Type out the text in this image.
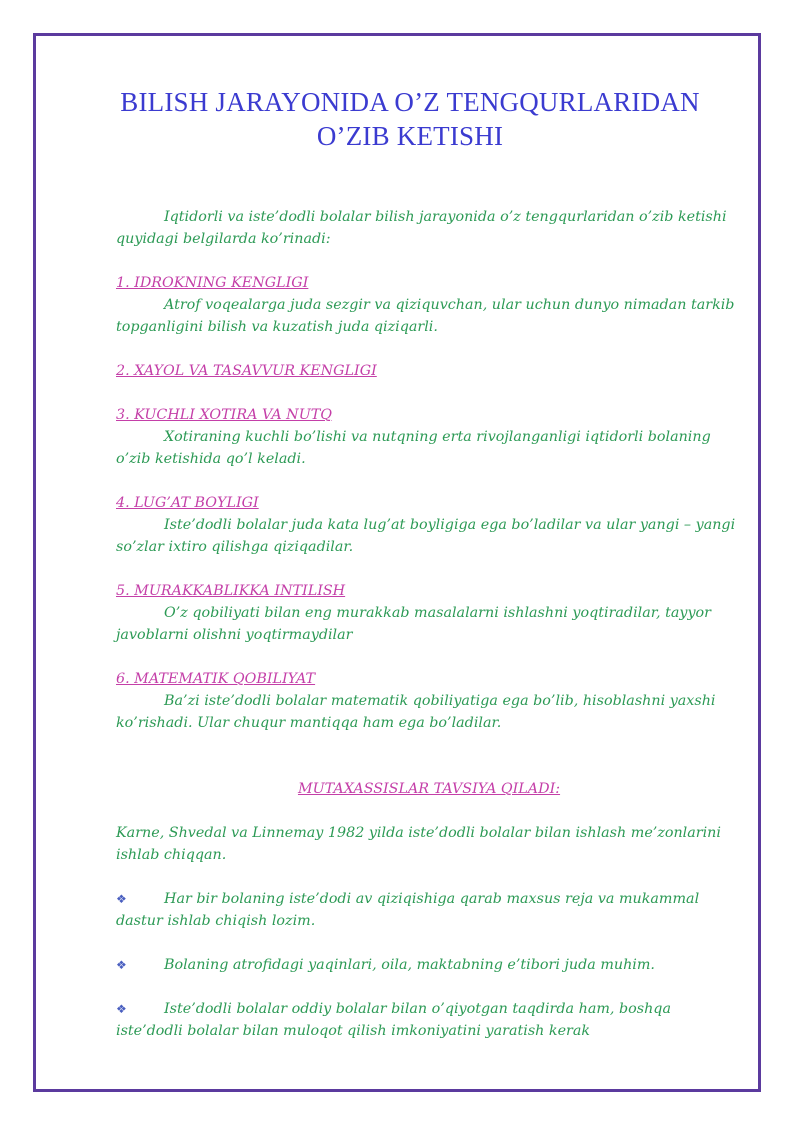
BILISH JARAYONIDA O’Z TENGQURLARIDAN
O’ZIB KETISHI

Iqtidorli va iste’dodli bolalar bilish jarayonida o’z tengqurlaridan o’zib ketishi quyidagi belgilarda ko’rinadi:

1. IDROKNING KENGLIGI

Atrof voqealarga juda sezgir va qiziquvchan, ular uchun dunyo nimadan tarkib topganligini bilish va kuzatish juda qiziqarli.

2. XAYOL VA TASAVVUR KENGLIGI

3. KUCHLI XOTIRA VA NUTQ

Xotiraning kuchli bo’lishi va nutqning erta rivojlanganligi iqtidorli bolaning o’zib ketishida qo’l keladi.

4. LUG’AT BOYLIGI

Iste’dodli bolalar juda kata lug’at boyligiga ega bo’ladilar va ular yangi – yangi so’zlar ixtiro qilishga qiziqadilar.

5. MURAKKABLIKKA INTILISH

O’z qobiliyati bilan eng murakkab masalalarni ishlashni yoqtiradilar, tayyor javoblarni olishni yoqtirmaydilar

6. MATEMATIK QOBILIYAT

Ba’zi iste’dodli bolalar matematik qobiliyatiga ega bo’lib, hisoblashni yaxshi ko’rishadi. Ular chuqur mantiqqa ham ega bo’ladilar.

MUTAXASSISLAR TAVSIYA QILADI:

Karne, Shvedal va Linnemay 1982 yilda iste’dodli bolalar bilan ishlash me’zonlarini ishlab chiqqan.

❖	Har bir bolaning iste’dodi av qiziqishiga qarab maxsus reja va mukammal
dastur ishlab chiqish lozim.
❖	Bolaning atrofidagi yaqinlari, oila, maktabning e’tibori juda muhim.
❖	Iste’dodli bolalar oddiy bolalar bilan o’qiyotgan taqdirda ham, boshqa
iste’dodli bolalar bilan muloqot qilish imkoniyatini yaratish kerak
